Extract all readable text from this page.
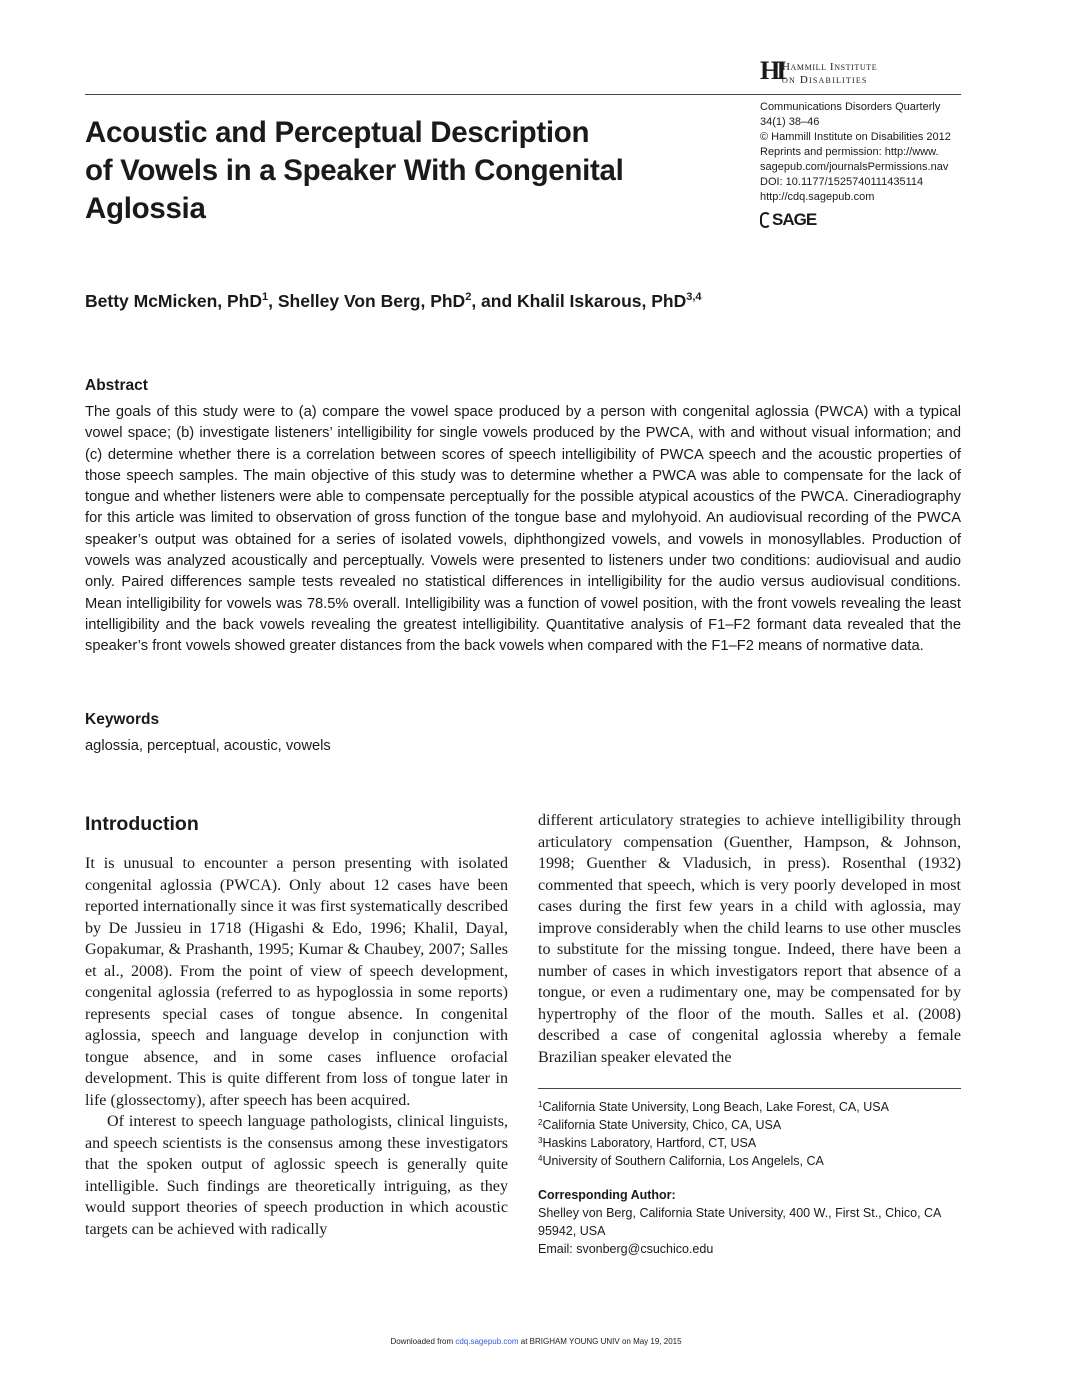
HI Hammill Institute
on Disabilities
Acoustic and Perceptual Description
of Vowels in a Speaker With Congenital
Aglossia
Communications Disorders Quarterly
34(1) 38–46
© Hammill Institute on Disabilities 2012
Reprints and permission: http://www.
sagepub.com/journalsPermissions.nav
DOI: 10.1177/1525740111435114
http://cdq.sagepub.com
SAGE
Betty McMicken, PhD$^1$, Shelley Von Berg, PhD$^2$, and Khalil Iskarous, PhD$^{3,4}$
Abstract

The goals of this study were to (a) compare the vowel space produced by a person with congenital aglossia (PWCA) with a typical vowel space; (b) investigate listeners’ intelligibility for single vowels produced by the PWCA, with and without visual information; and (c) determine whether there is a correlation between scores of speech intelligibility of PWCA speech and the acoustic properties of those speech samples. The main objective of this study was to determine whether a PWCA was able to compensate for the lack of tongue and whether listeners were able to compensate perceptually for the possible atypical acoustics of the PWCA. Cineradiography for this article was limited to observation of gross function of the tongue base and mylohyoid. An audiovisual recording of the PWCA speaker’s output was obtained for a series of isolated vowels, diphthongized vowels, and vowels in monosyllables. Production of vowels was analyzed acoustically and perceptually. Vowels were presented to listeners under two conditions: audiovisual and audio only. Paired differences sample tests revealed no statistical differences in intelligibility for the audio versus audiovisual conditions. Mean intelligibility for vowels was 78.5% overall. Intelligibility was a function of vowel position, with the front vowels revealing the least intelligibility and the back vowels revealing the greatest intelligibility. Quantitative analysis of F1–F2 formant data revealed that the speaker’s front vowels showed greater distances from the back vowels when compared with the F1–F2 means of normative data.

Keywords
aglossia, perceptual, acoustic, vowels
Introduction

It is unusual to encounter a person presenting with isolated congenital aglossia (PWCA). Only about 12 cases have been reported internationally since it was first systematically described by De Jussieu in 1718 (Higashi & Edo, 1996; Khalil, Dayal, Gopakumar, & Prashanth, 1995; Kumar & Chaubey, 2007; Salles et al., 2008). From the point of view of speech development, congenital aglossia (referred to as hypoglossia in some reports) represents special cases of tongue absence. In congenital aglossia, speech and language develop in conjunction with tongue absence, and in some cases influence orofacial development. This is quite different from loss of tongue later in life (glossectomy), after speech has been acquired.

Of interest to speech language pathologists, clinical linguists, and speech scientists is the consensus among these investigators that the spoken output of aglossic speech is generally quite intelligible. Such findings are theoretically intriguing, as they would support theories of speech production in which acoustic targets can be achieved with radically

different articulatory strategies to achieve intelligibility through articulatory compensation (Guenther, Hampson, & Johnson, 1998; Guenther & Vladusich, in press). Rosenthal (1932) commented that speech, which is very poorly developed in most cases during the first few years in a child with aglossia, may improve considerably when the child learns to use other muscles to substitute for the missing tongue. Indeed, there have been a number of cases in which investigators report that absence of a tongue, or even a rudimentary one, may be compensated for by hypertrophy of the floor of the mouth. Salles et al. (2008) described a case of congenital aglossia whereby a female Brazilian speaker elevated the

$^1$California State University, Long Beach, Lake Forest, CA, USA
$^2$California State University, Chico, CA, USA
$^3$Haskins Laboratory, Hartford, CT, USA
$^4$University of Southern California, Los Angelels, CA
Corresponding Author:
Shelley von Berg, California State University, 400 W., First St., Chico, CA 95942, USA
Email: svonberg@csuchico.edu
Downloaded from cdq.sagepub.com at BRIGHAM YOUNG UNIV on May 19, 2015
